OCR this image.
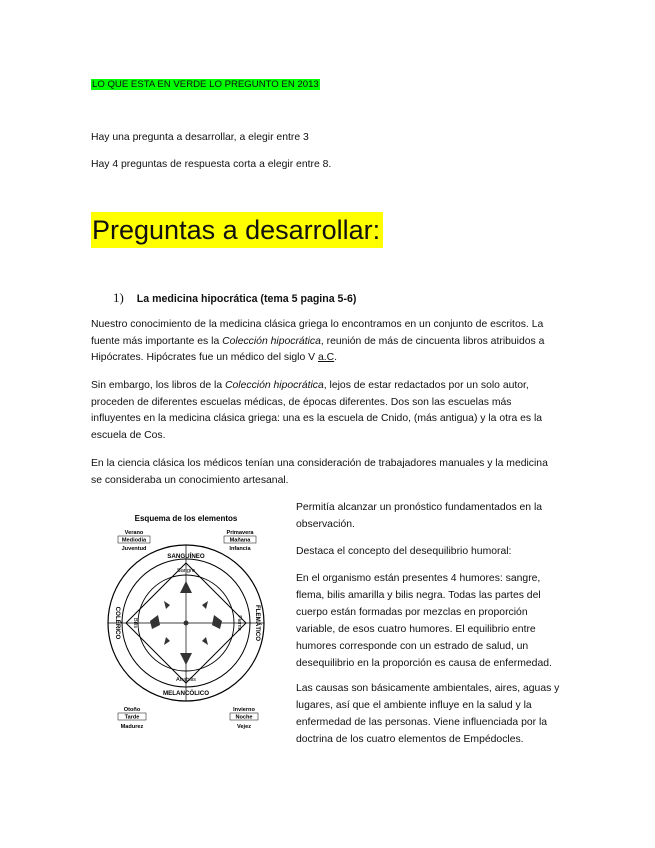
LO QUE ESTA EN VERDE LO PREGUNTO EN 2013

Hay una pregunta a desarrollar, a elegir entre 3

Hay 4 preguntas de respuesta corta a elegir entre 8.

Preguntas a desarrollar:
1) La medicina hipocrática (tema 5 pagina 5-6)

Nuestro conocimiento de la medicina clásica griega lo encontramos en un conjunto de escritos. La fuente más importante es la Colección hipocrática, reunión de más de cincuenta libros atribuidos a Hipócrates. Hipócrates fue un médico del siglo V a.C.

Sin embargo, los libros de la Colección hipocrática, lejos de estar redactados por un solo autor, proceden de diferentes escuelas médicas, de épocas diferentes. Dos son las escuelas más influyentes en la medicina clásica griega: una es la escuela de Cnido, (más antigua) y la otra es la escuela de Cos.

En la ciencia clásica los médicos tenían una consideración de trabajadores manuales y la medicina se consideraba un conocimiento artesanal.

Esquema de los elementos
Verano
Mediodía
Juventud
Primavera
Mañana
Infancia
Otoño
Tarde
Madurez
Invierno
Noche
Vejez
SANGUÍNEO
MELANCÓLICO
COLÉRICO	FLEMÁTICO
Sangre
Atrabilis
Bilis	Flema

Permitía alcanzar un pronóstico fundamentados en la observación.

Destaca el concepto del desequilibrio humoral:

En el organismo están presentes 4 humores: sangre, flema, bilis amarilla y bilis negra. Todas las partes del cuerpo están formadas por mezclas en proporción variable, de esos cuatro humores. El equilibrio entre humores corresponde con un estrado de salud, un desequilibrio en la proporción es causa de enfermedad.

Las causas son básicamente ambientales, aires, aguas y lugares, así que el ambiente influye en la salud y la enfermedad de las personas. Viene influenciada por la doctrina de los cuatro elementos de Empédocles.
